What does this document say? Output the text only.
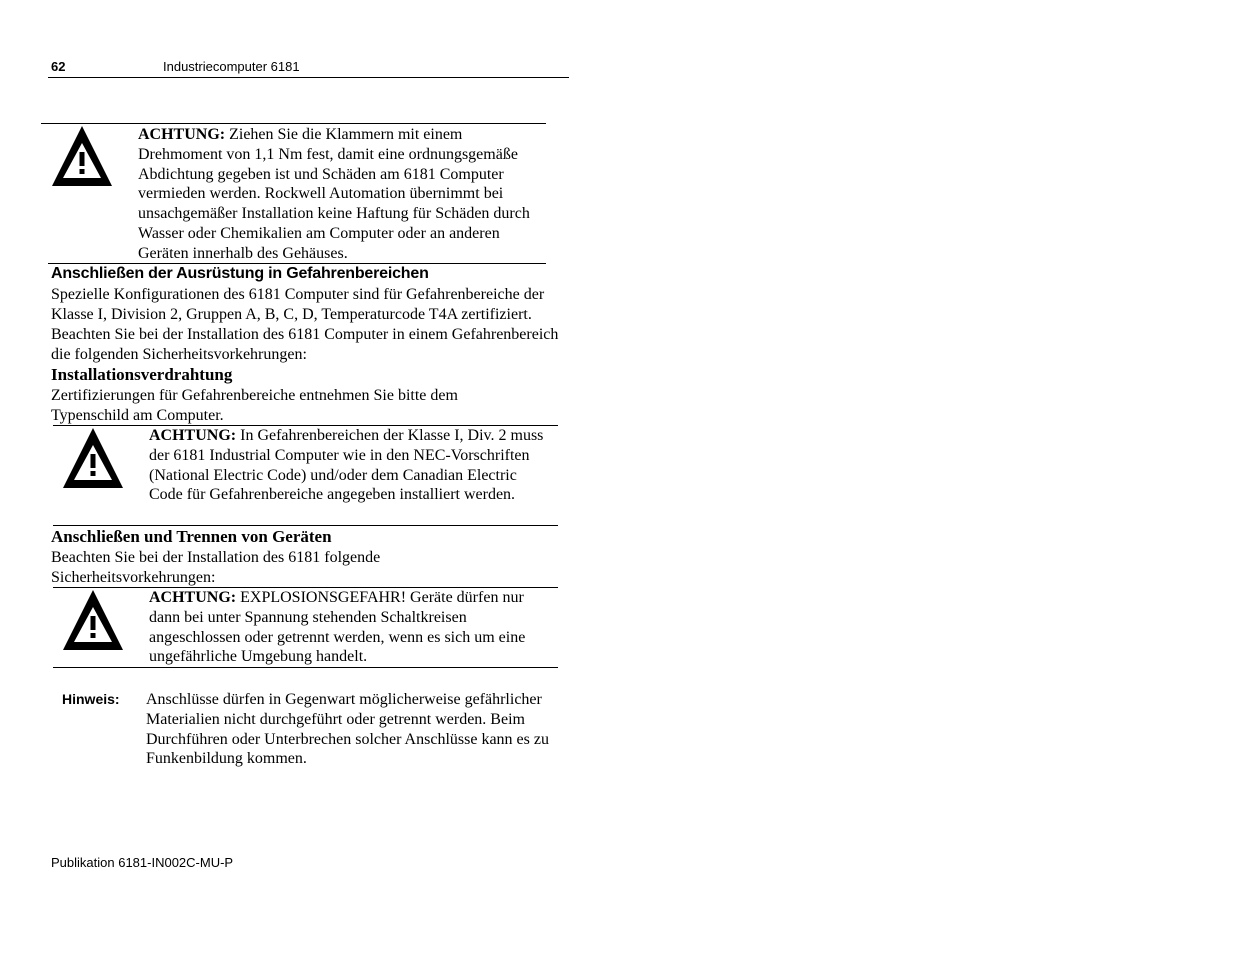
62	Industriecomputer 6181
ACHTUNG: Ziehen Sie die Klammern mit einem Drehmoment von 1,1 Nm fest, damit eine ordnungsgemäße Abdichtung gegeben ist und Schäden am 6181 Computer vermieden werden. Rockwell Automation übernimmt bei unsachgemäßer Installation keine Haftung für Schäden durch Wasser oder Chemikalien am Computer oder an anderen Geräten innerhalb des Gehäuses.
Anschließen der Ausrüstung in Gefahrenbereichen
Spezielle Konfigurationen des 6181 Computer sind für Gefahrenbereiche der Klasse I, Division 2, Gruppen A, B, C, D, Temperaturcode T4A zertifiziert. Beachten Sie bei der Installation des 6181 Computer in einem Gefahrenbereich die folgenden Sicherheitsvorkehrungen:
Installationsverdrahtung
Zertifizierungen für Gefahrenbereiche entnehmen Sie bitte dem Typenschild am Computer.
ACHTUNG: In Gefahrenbereichen der Klasse I, Div. 2 muss der 6181 Industrial Computer wie in den NEC-Vorschriften (National Electric Code) und/oder dem Canadian Electric Code für Gefahrenbereiche angegeben installiert werden.
Anschließen und Trennen von Geräten
Beachten Sie bei der Installation des 6181 folgende Sicherheitsvorkehrungen:
ACHTUNG: EXPLOSIONSGEFAHR! Geräte dürfen nur dann bei unter Spannung stehenden Schaltkreisen angeschlossen oder getrennt werden, wenn es sich um eine ungefährliche Umgebung handelt.
Hinweis: Anschlüsse dürfen in Gegenwart möglicherweise gefährlicher Materialien nicht durchgeführt oder getrennt werden. Beim Durchführen oder Unterbrechen solcher Anschlüsse kann es zu Funkenbildung kommen.
Publikation 6181-IN002C-MU-P
